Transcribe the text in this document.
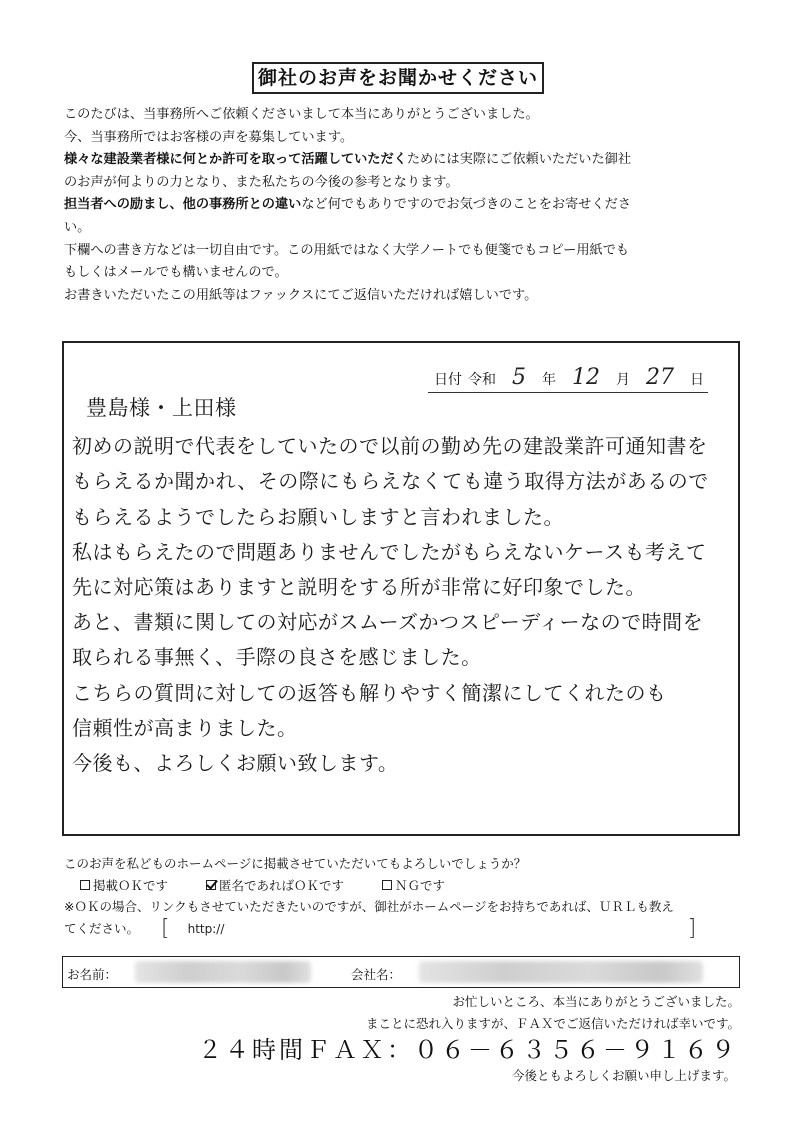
御社のお声をお聞かせください

このたびは、当事務所へご依頼くださいまして本当にありがとうございました。

今、当事務所ではお客様の声を募集しています。

様々な建設業者様に何とか許可を取って活躍していただくためには実際にご依頼いただいた御社

のお声が何よりの力となり、また私たちの今後の参考となります。

担当者への励まし、他の事務所との違いなど何でもありですのでお気づきのことをお寄せくださ

い。

下欄への書き方などは一切自由です。この用紙ではなく大学ノートでも便箋でもコピー用紙でも

もしくはメールでも構いませんので。

お書きいただいたこの用紙等はファックスにてご返信いただければ嬉しいです。

日付 令和 5	年 12	月 27	日
豊島様・上田様
初めの説明で代表をしていたので以前の勤め先の建設業許可通知書を
もらえるか聞かれ、その際にもらえなくても違う取得方法があるので
もらえるようでしたらお願いしますと言われました。
私はもらえたので問題ありませんでしたがもらえないケースも考えて
先に対応策はありますと説明をする所が非常に好印象でした。
あと、書類に関しての対応がスムーズかつスピーディーなので時間を
取られる事無く、手際の良さを感じました。
こちらの質問に対しての返答も解りやすく簡潔にしてくれたのも
信頼性が高まりました。
今後も、よろしくお願い致します。
このお声を私どものホームページに掲載させていただいてもよろしいでしょうか？
掲載ＯＫです	匿名であればＯＫです	ＮＧです
※ＯＫの場合、リンクもさせていただきたいのですが、御社がホームページをお持ちであれば、ＵＲＬも教え
てください。 [ http://	]
お名前：	会社名：
お忙しいところ、本当にありがとうございました。
まことに恐れ入りますが、ＦＡＸでご返信いただければ幸いです。
２４時間ＦＡＸ：０６－６３５６－９１６９
今後ともよろしくお願い申し上げます。
